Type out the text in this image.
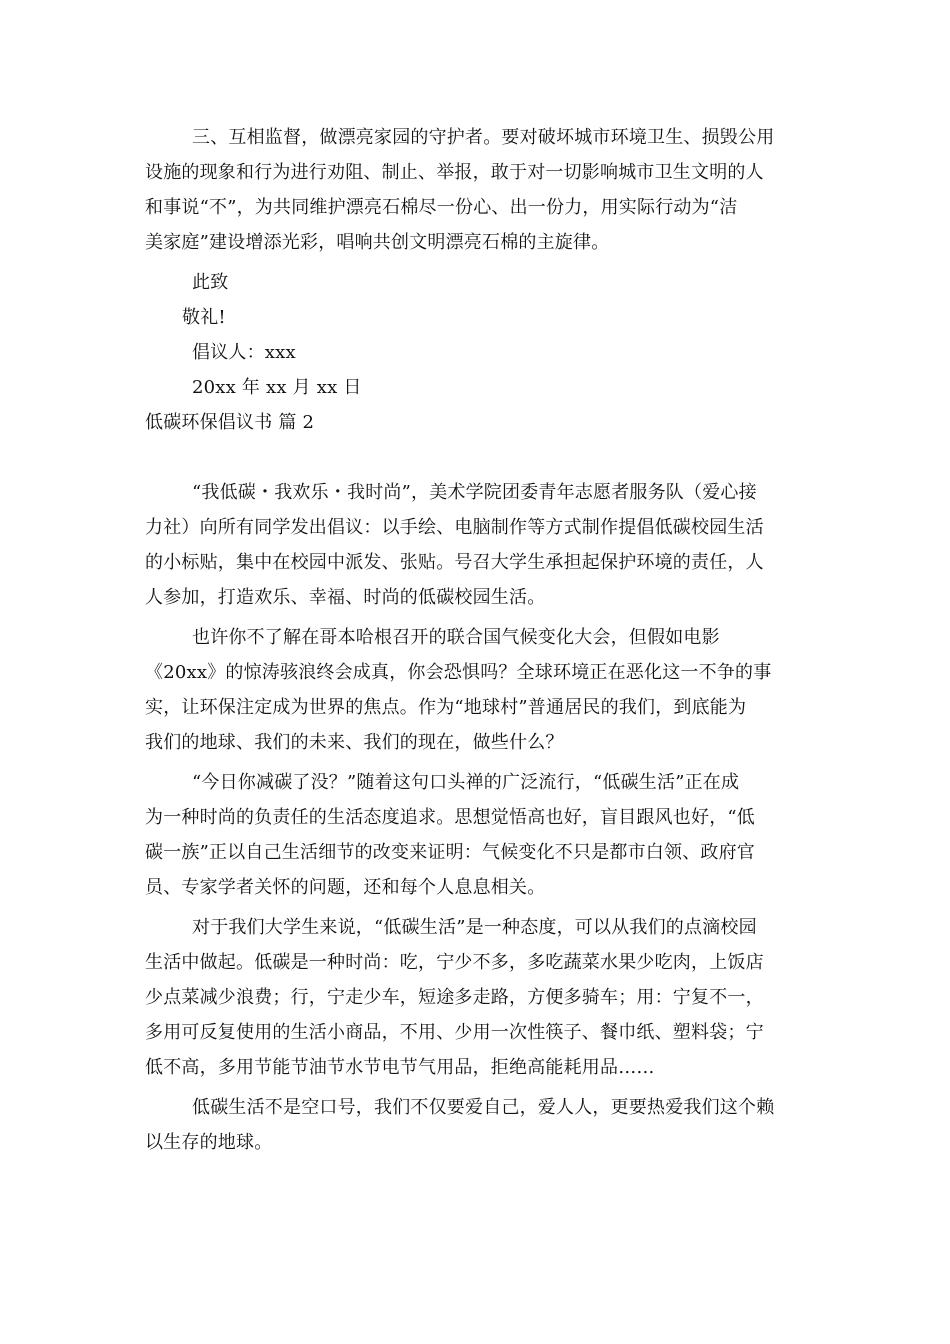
三、互相监督，做漂亮家园的守护者。要对破坏城市环境卫生、损毁公用
设施的现象和行为进行劝阻、制止、举报，敢于对一切影响城市卫生文明的人
和事说“不”，为共同维护漂亮石棉尽一份心、出一份力，用实际行动为“洁
美家庭”建设增添光彩，唱响共创文明漂亮石棉的主旋律。
此致
敬礼!
倡议人：xxx
20xx 年 xx 月 xx 日
低碳环保倡议书 篇 2
“我低碳・我欢乐・我时尚”，美术学院团委青年志愿者服务队（爱心接
力社）向所有同学发出倡议：以手绘、电脑制作等方式制作提倡低碳校园生活
的小标贴，集中在校园中派发、张贴。号召大学生承担起保护环境的责任，人
人参加，打造欢乐、幸福、时尚的低碳校园生活。
也许你不了解在哥本哈根召开的联合国气候变化大会，但假如电影
《20xx》的惊涛骇浪终会成真，你会恐惧吗？全球环境正在恶化这一不争的事
实，让环保注定成为世界的焦点。作为“地球村”普通居民的我们，到底能为
我们的地球、我们的未来、我们的现在，做些什么？
“今日你减碳了没？”随着这句口头禅的广泛流行，“低碳生活”正在成
为一种时尚的负责任的生活态度追求。思想觉悟高也好，盲目跟风也好，“低
碳一族”正以自己生活细节的改变来证明：气候变化不只是都市白领、政府官
员、专家学者关怀的问题，还和每个人息息相关。
对于我们大学生来说，“低碳生活”是一种态度，可以从我们的点滴校园
生活中做起。低碳是一种时尚：吃，宁少不多，多吃蔬菜水果少吃肉，上饭店
少点菜减少浪费；行，宁走少车，短途多走路，方便多骑车；用：宁复不一，
多用可反复使用的生活小商品，不用、少用一次性筷子、餐巾纸、塑料袋；宁
低不高，多用节能节油节水节电节气用品，拒绝高能耗用品……
低碳生活不是空口号，我们不仅要爱自己，爱人人，更要热爱我们这个赖
以生存的地球。
